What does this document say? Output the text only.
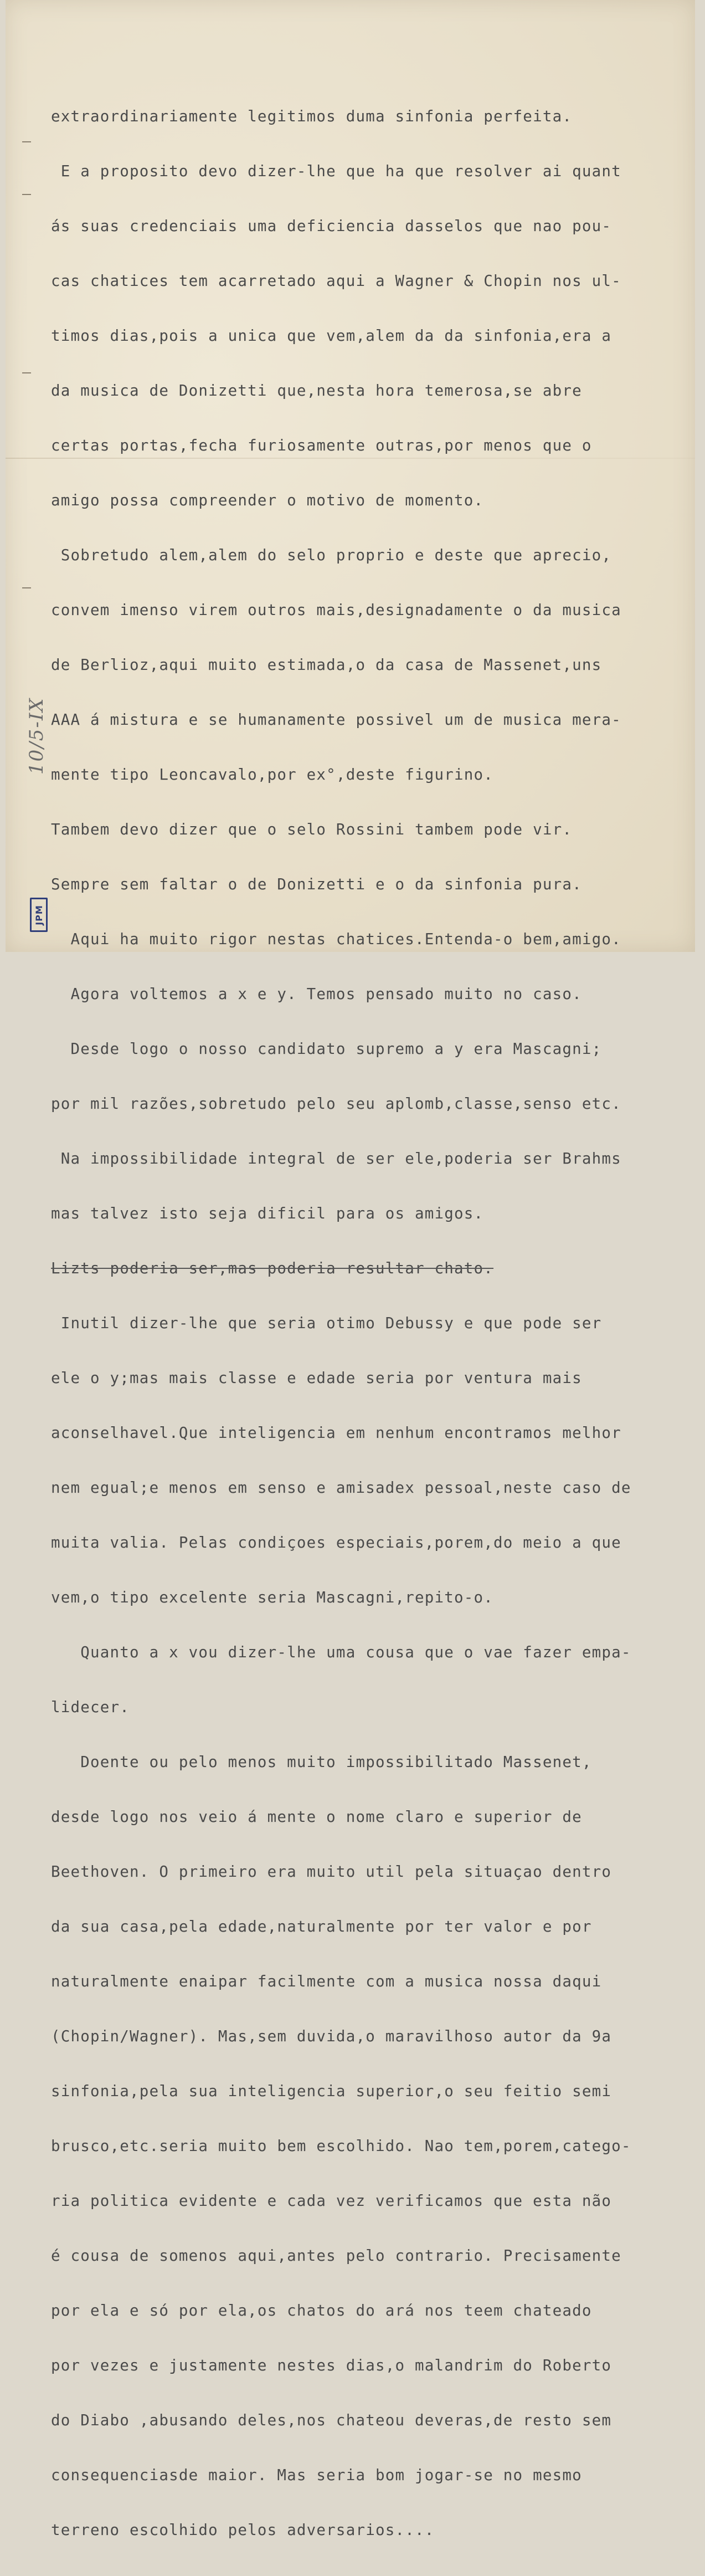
extraordinariamente legitimos duma sinfonia perfeita.

E a proposito devo dizer-lhe que ha que resolver ai quant

ás suas credenciais uma deficiencia dasselos que nao pou-

cas chatices tem acarretado aqui a Wagner & Chopin nos ul-

timos dias,pois a unica que vem,alem da da sinfonia,era a

da musica de Donizetti que,nesta hora temerosa,se abre

certas portas,fecha furiosamente outras,por menos que o

amigo possa compreender o motivo de momento.

Sobretudo alem,alem do selo proprio e deste que aprecio,

convem imenso virem outros mais,designadamente o da musica

de Berlioz,aqui muito estimada,o da casa de Massenet,uns

AAA á mistura e se humanamente possivel um de musica mera-

mente tipo Leoncavalo,por ex°,deste figurino.

Tambem devo dizer que o selo Rossini tambem pode vir.

Sempre sem faltar o de Donizetti e o da sinfonia pura.

Aqui ha muito rigor nestas chatices.Entenda-o bem,amigo.

Agora voltemos a x e y. Temos pensado muito no caso.

Desde logo o nosso candidato supremo a y era Mascagni;

por mil razões,sobretudo pelo seu aplomb,classe,senso etc.

Na impossibilidade integral de ser ele,poderia ser Brahms

mas talvez isto seja dificil para os amigos.

Lizts poderia ser,mas poderia resultar chato.

Inutil dizer-lhe que seria otimo Debussy e que pode ser

ele o y;mas mais classe e edade seria por ventura mais

aconselhavel.Que inteligencia em nenhum encontramos melhor

nem egual;e menos em senso e amisadex pessoal,neste caso de

muita valia. Pelas condiçoes especiais,porem,do meio a que

vem,o tipo excelente seria Mascagni,repito-o.

Quanto a x vou dizer-lhe uma cousa que o vae fazer empa-

lidecer.

Doente ou pelo menos muito impossibilitado Massenet,

desde logo nos veio á mente o nome claro e superior de

Beethoven. O primeiro era muito util pela situaçao dentro

da sua casa,pela edade,naturalmente por ter valor e por

naturalmente enaipar facilmente com a musica nossa daqui

(Chopin/Wagner). Mas,sem duvida,o maravilhoso autor da 9a

sinfonia,pela sua inteligencia superior,o seu feitio semi

brusco,etc.seria muito bem escolhido. Nao tem,porem,catego-

ria politica evidente e cada vez verificamos que esta não

é cousa de somenos aqui,antes pelo contrario. Precisamente

por ela e só por ela,os chatos do ará nos teem chateado

por vezes e justamente nestes dias,o malandrim do Roberto

do Diabo ,abusando deles,nos chateou deveras,de resto sem

consequenciasde maior. Mas seria bom jogar-se no mesmo

terreno escolhido pelos adversarios....

10/5-IX
JPM
